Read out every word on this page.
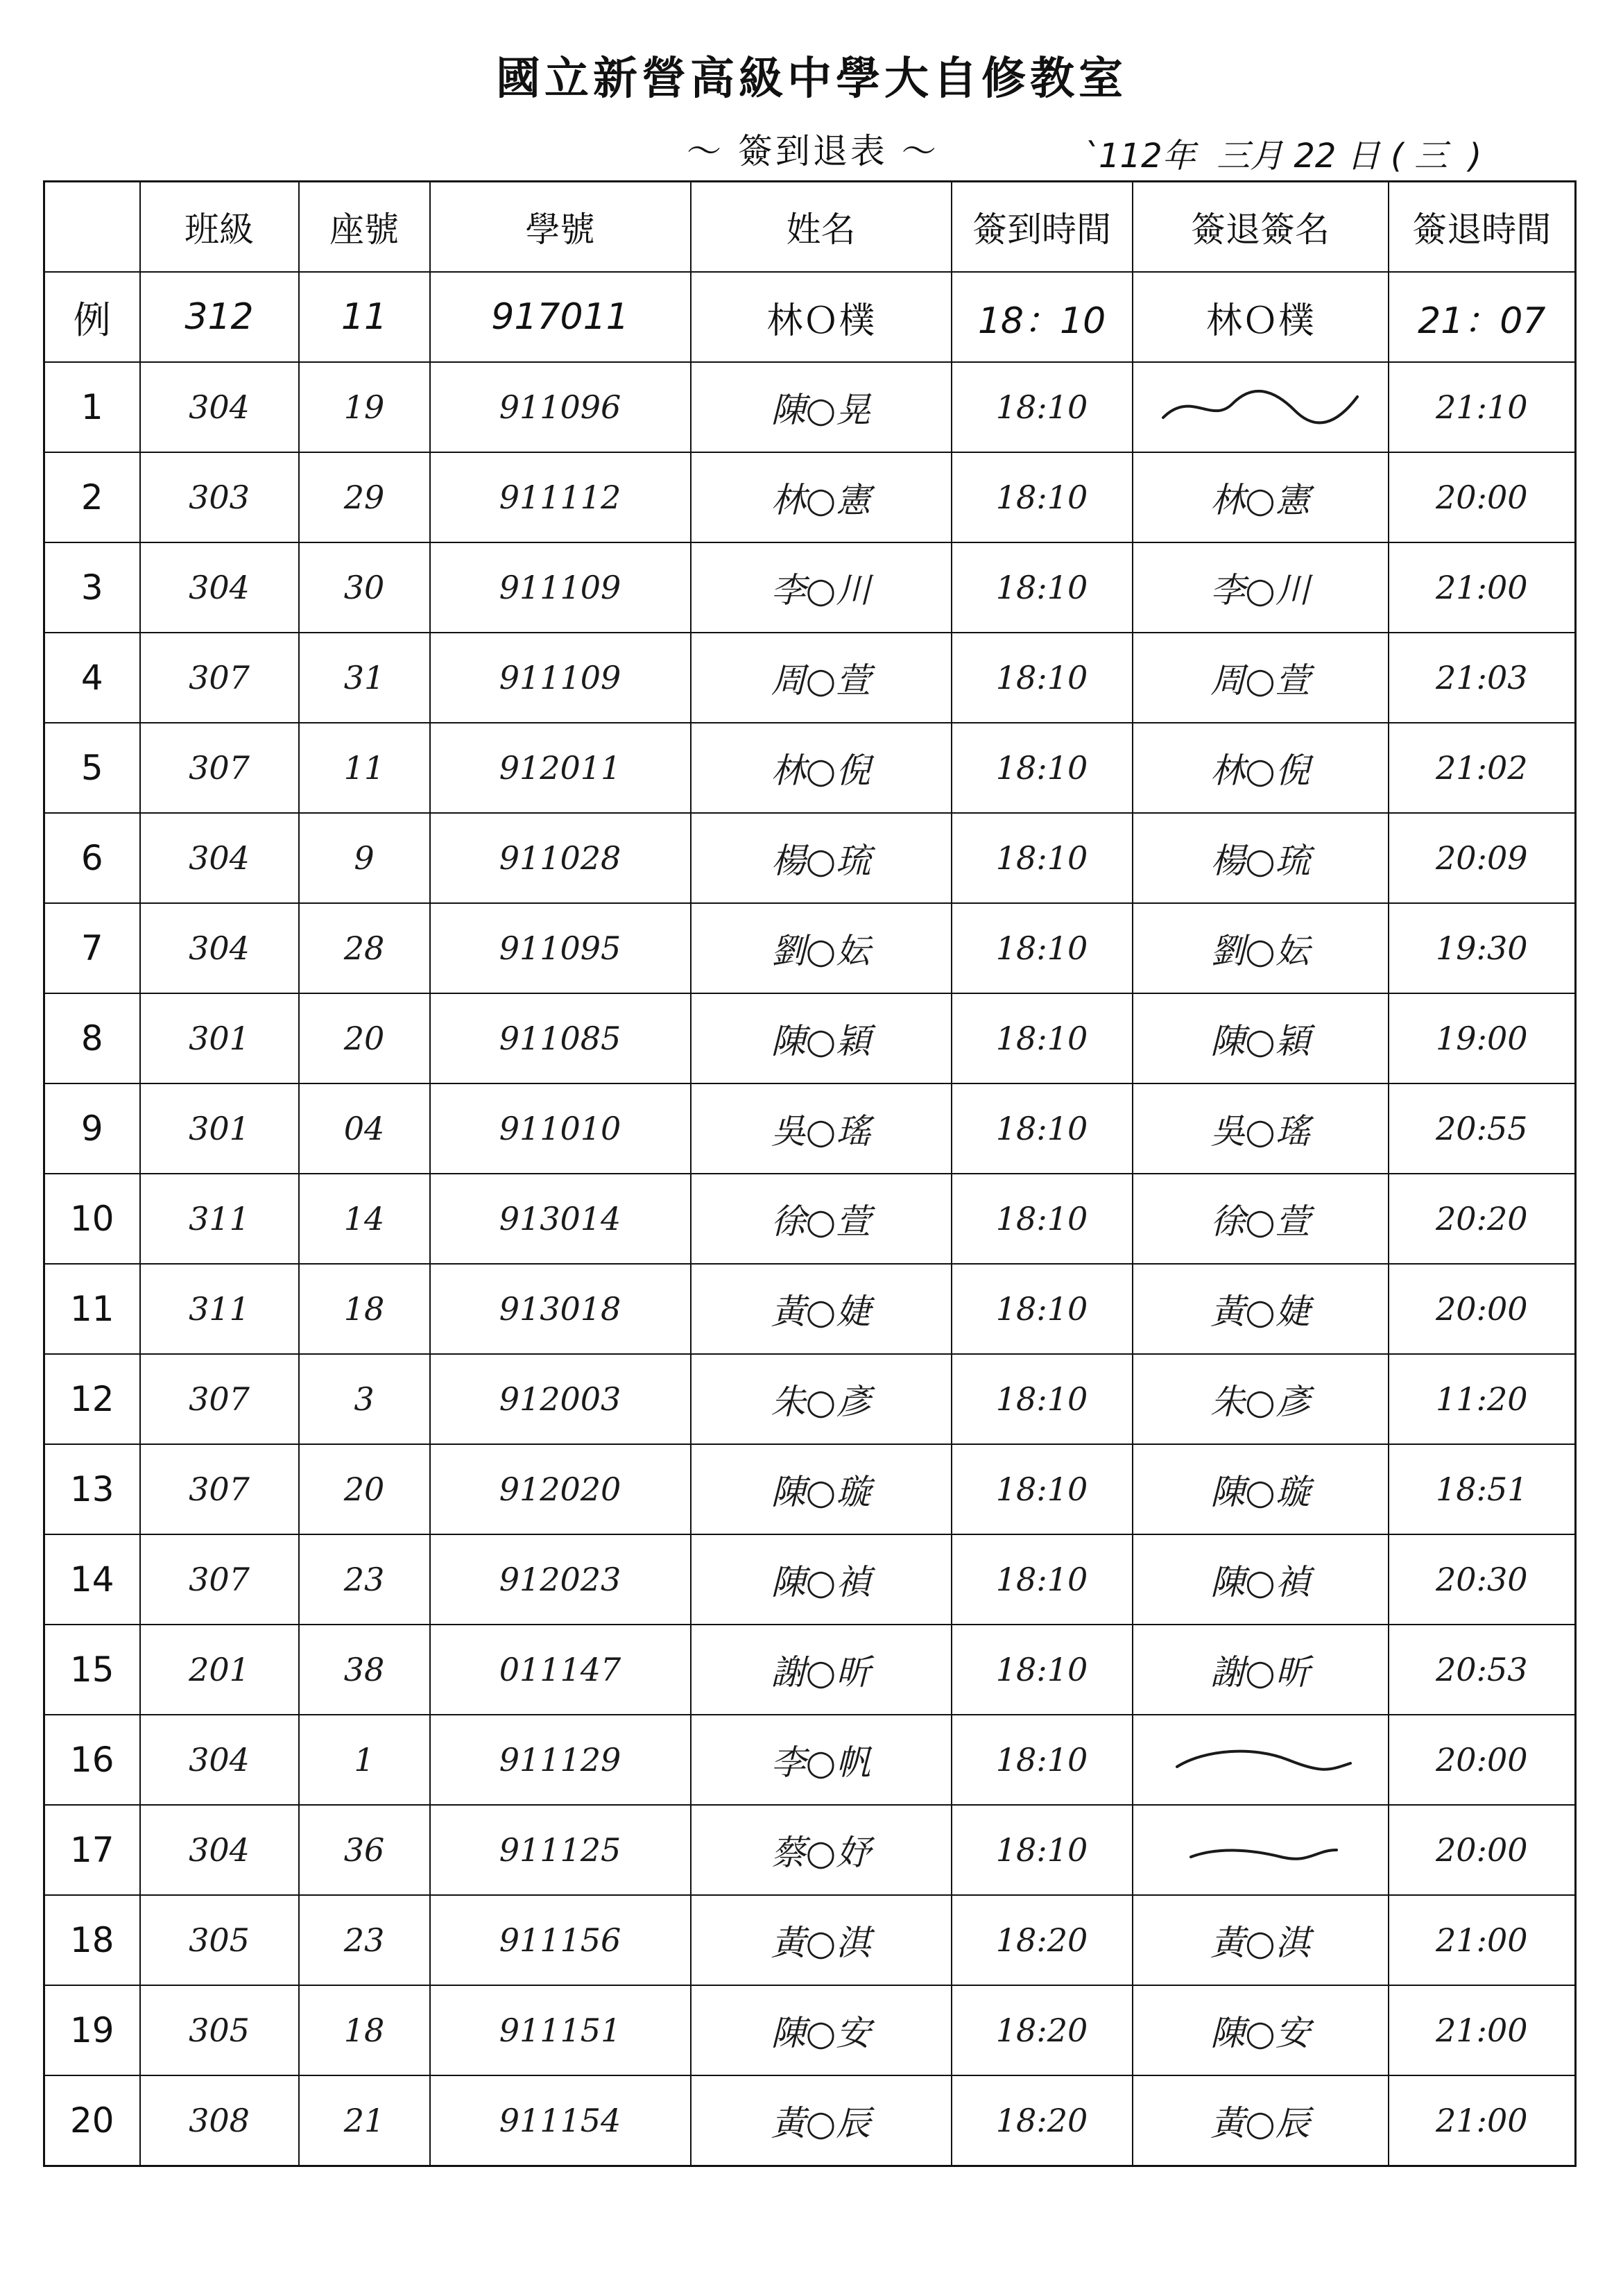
國立新營高級中學大自修教室
～ 簽到退表 ～	`112年  三月 22 日 ( 三  )
	班級	座號	學號	姓名	簽到時間	簽退簽名	簽退時間
例	312	11	917011	林Ｏ樸	18：10	林Ｏ樸	21：07
1	304	19	911096	陳○晃	18:10		21:10
2	303	29	911112	林○憲	18:10	林○憲	20:00
3	304	30	911109	李○川	18:10	李○川	21:00
4	307	31	911109	周○萱	18:10	周○萱	21:03
5	307	11	912011	林○倪	18:10	林○倪	21:02
6	304	9	911028	楊○琉	18:10	楊○琉	20:09
7	304	28	911095	劉○妘	18:10	劉○妘	19:30
8	301	20	911085	陳○穎	18:10	陳○穎	19:00
9	301	04	911010	吳○瑤	18:10	吳○瑤	20:55
10	311	14	913014	徐○萱	18:10	徐○萱	20:20
11	311	18	913018	黃○婕	18:10	黃○婕	20:00
12	307	3	912003	朱○彥	18:10	朱○彥	11:20
13	307	20	912020	陳○璇	18:10	陳○璇	18:51
14	307	23	912023	陳○禎	18:10	陳○禎	20:30
15	201	38	011147	謝○昕	18:10	謝○昕	20:53
16	304	1	911129	李○帆	18:10		20:00
17	304	36	911125	蔡○妤	18:10		20:00
18	305	23	911156	黃○淇	18:20	黃○淇	21:00
19	305	18	911151	陳○安	18:20	陳○安	21:00
20	308	21	911154	黃○辰	18:20	黃○辰	21:00
